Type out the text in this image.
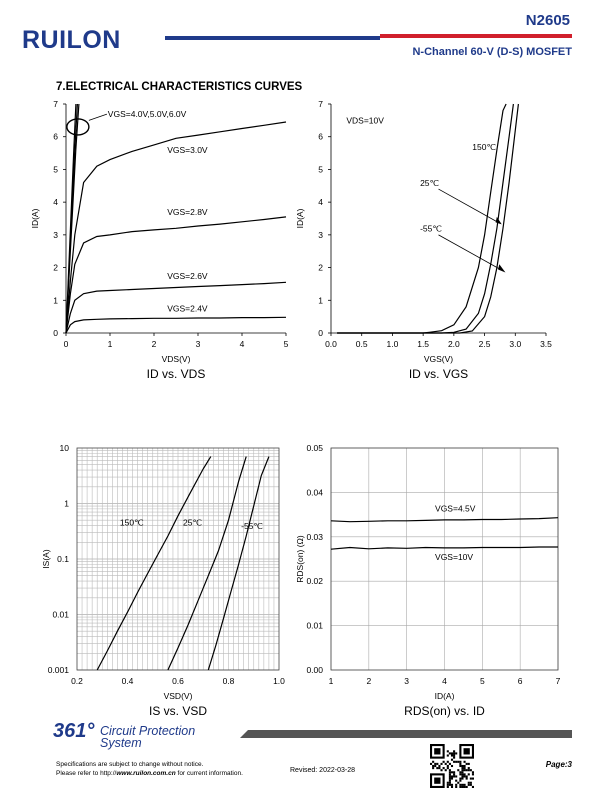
RUILON
N2605
N-Channel 60-V (D-S) MOSFET
7.ELECTRICAL CHARACTERISTICS CURVES
0	1	2	3	4	5
0
1
2
3
4
5
6
7
VDS(V)
ID(A)
VGS=4.0V,5.0V,6.0V
VGS=3.0V
VGS=2.8V
VGS=2.6V
VGS=2.4V
ID vs. VDS
0.0 0.5 1.0 1.5 2.0 2.5 3.0 3.5
0
1
2
3
4
5
6
7
VGS(V)
ID(A)
150℃
25℃
-55℃
VDS=10V
ID vs. VGS
0.2	0.4	0.6	0.8	1.0
0.001
0.01
0.1
1
10
VSD(V)
IS(A)
150℃	25℃	-55℃
IS vs. VSD
1	2	3	4	5	6	7
0.00
0.01
0.02
0.03
0.04
0.05
ID(A)
RDS(on) (Ω)
VGS=4.5V
VGS=10V
RDS(on) vs. ID
361° Circuit Protection
System
Specifications are subject to change without notice.
Please refer to http://www.ruilon.com.cn for current information.	Revised: 2022-03-28
Page:3
